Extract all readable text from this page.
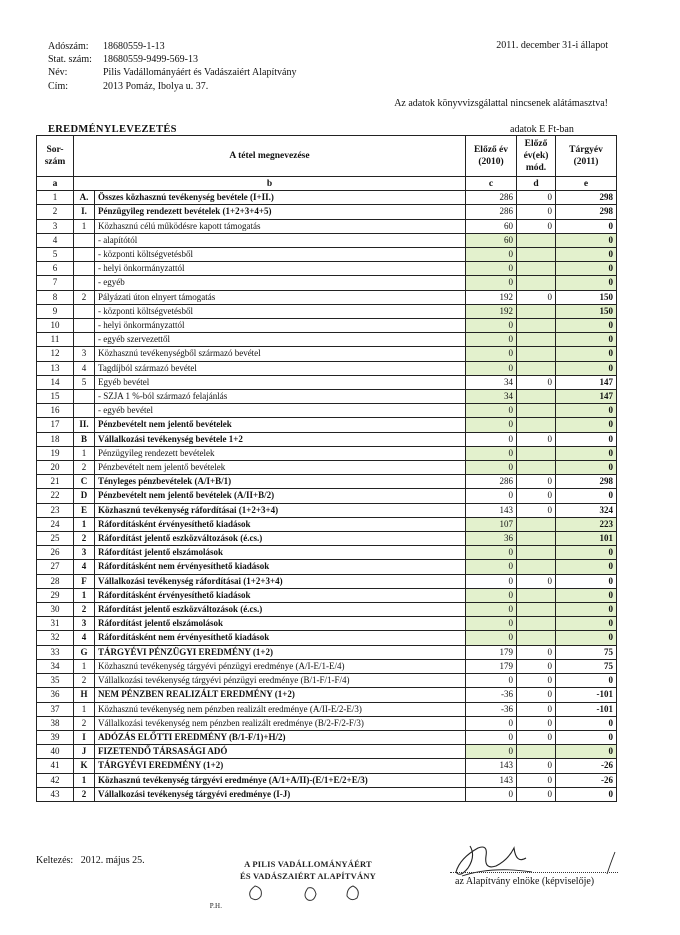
Adószám:	18680559-1-13
Stat. szám:	18680559-9499-569-13
Név:	Pilis Vadállományáért és Vadászaiért Alapítvány
Cím:	2013 Pomáz, Ibolya u. 37.
2011. december 31-i állapot
Az adatok könyvvizsgálattal nincsenek alátámasztva!
EREDMÉNYLEVEZETÉS	adatok E Ft-ban
Sor-szám	A tétel megnevezése		Előző év (2010)	Előző év(ek) mód.	Tárgyév (2011)
a	b		c	d	e
1	A.	Összes közhasznú tevékenység bevétele (I+II.)	286	0	298
2	I.	Pénzügyileg rendezett bevételek (1+2+3+4+5)	286	0	298
3	1	Közhasznú célú működésre kapott támogatás	60	0	0
4		- alapítótól	60		0
5		- központi költségvetésből	0		0
6		- helyi önkormányzattól	0		0
7		- egyéb	0		0
8	2	Pályázati úton elnyert támogatás	192	0	150
9		- központi költségvetésből	192		150
10		- helyi önkormányzattól	0		0
11		- egyéb szervezettől	0		0
12	3	Közhasznú tevékenységből származó bevétel	0		0
13	4	Tagdíjból származó bevétel	0		0
14	5	Egyéb bevétel	34	0	147
15		- SZJA 1 %-ból származó felajánlás	34		147
16		- egyéb bevétel	0		0
17	II.	Pénzbevételt nem jelentő bevételek	0		0
18	B	Vállalkozási tevékenység bevétele 1+2	0	0	0
19	1	Pénzügyileg rendezett bevételek	0		0
20	2	Pénzbevételt nem jelentő bevételek	0		0
21	C	Tényleges pénzbevételek (A/I+B/1)	286	0	298
22	D	Pénzbevételt nem jelentő bevételek (A/II+B/2)	0	0	0
23	E	Közhasznú tevékenység ráfordításai (1+2+3+4)	143	0	324
24	1	Ráfordításként érvényesíthető kiadások	107		223
25	2	Ráfordítást jelentő eszközváltozások (é.cs.)	36		101
26	3	Ráfordítást jelentő elszámolások	0		0
27	4	Ráfordításként nem érvényesíthető kiadások	0		0
28	F	Vállalkozási tevékenység ráfordításai (1+2+3+4)	0	0	0
29	1	Ráfordításként érvényesíthető kiadások	0		0
30	2	Ráfordítást jelentő eszközváltozások (é.cs.)	0		0
31	3	Ráfordítást jelentő elszámolások	0		0
32	4	Ráfordításként nem érvényesíthető kiadások	0		0
33	G	TÁRGYÉVI PÉNZÜGYI EREDMÉNY (1+2)	179	0	75
34	1	Közhasznú tevékenység tárgyévi pénzügyi eredménye (A/I-E/1-E/4)	179	0	75
35	2	Vállalkozási tevékenység tárgyévi pénzügyi eredménye (B/1-F/1-F/4)	0	0	0
36	H	NEM PÉNZBEN REALIZÁLT EREDMÉNY (1+2)	-36	0	-101
37	1	Közhasznú tevékenység nem pénzben realizált eredménye (A/II-E/2-E/3)	-36	0	-101
38	2	Vállalkozási tevékenység nem pénzben realizált eredménye (B/2-F/2-F/3)	0	0	0
39	I	ADÓZÁS ELŐTTI EREDMÉNY (B/1-F/1)+H/2)	0	0	0
40	J	FIZETENDŐ TÁRSASÁGI ADÓ	0		0
41	K	TÁRGYÉVI EREDMÉNY (1+2)	143	0	-26
42	1	Közhasznú tevékenység tárgyévi eredménye (A/1+A/II)-(E/1+E/2+E/3)	143	0	-26
43	2	Vállalkozási tevékenység tárgyévi eredménye (I-J)	0	0	0
Keltezés: 2012. május 25.	A PILIS VADÁLLOMÁNYÁÉRT
ÉS VADÁSZAIÉRT ALAPÍTVÁNY
P.H.
az Alapítvány elnöke (képviselője)
